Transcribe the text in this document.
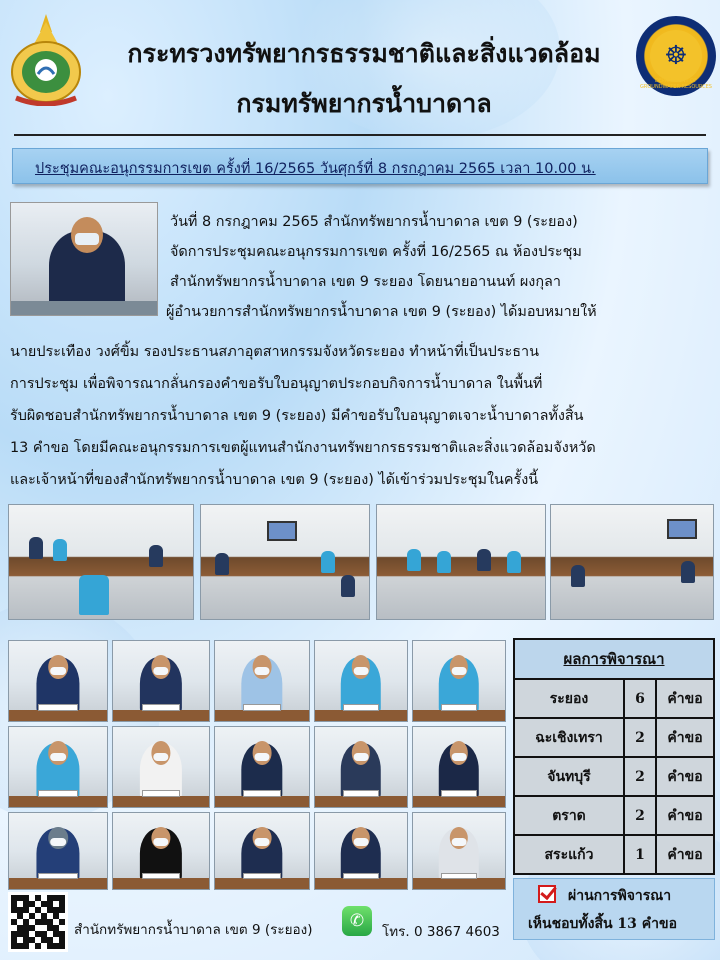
กระทรวงทรัพยากรธรรมชาติและสิ่งแวดล้อม
กรมทรัพยากรน้ำบาดาล
☸
DEPARTMENT OF GROUNDWATER RESOURCES
ประชุมคณะอนุกรรมการเขต ครั้งที่ 16/2565 วันศุกร์ที่ 8 กรกฎาคม 2565 เวลา 10.00 น.
วันที่ 8 กรกฎาคม 2565 สำนักทรัพยากรน้ำบาดาล เขต 9 (ระยอง)
จัดการประชุมคณะอนุกรรมการเขต ครั้งที่ 16/2565 ณ ห้องประชุม
สำนักทรัพยากรน้ำบาดาล เขต 9 ระยอง โดยนายอานนท์ ผงกุลา
ผู้อำนวยการสำนักทรัพยากรน้ำบาดาล เขต 9 (ระยอง) ได้มอบหมายให้
นายประเทือง วงศ์ขิ้ม รองประธานสภาอุตสาหกรรมจังหวัดระยอง ทำหน้าที่เป็นประธาน
การประชุม เพื่อพิจารณากลั่นกรองคำขอรับใบอนุญาตประกอบกิจการน้ำบาดาล ในพื้นที่
รับผิดชอบสำนักทรัพยากรน้ำบาดาล เขต 9 (ระยอง) มีคำขอรับใบอนุญาตเจาะน้ำบาดาลทั้งสิ้น
13 คำขอ โดยมีคณะอนุกรรมการเขตผู้แทนสำนักงานทรัพยากรธรรมชาติและสิ่งแวดล้อมจังหวัด
และเจ้าหน้าที่ของสำนักทรัพยากรน้ำบาดาล เขต 9 (ระยอง) ได้เข้าร่วมประชุมในครั้งนี้
ผลการพิจารณา		
ระยอง	6	คำขอ
ฉะเชิงเทรา	2	คำขอ
จันทบุรี	2	คำขอ
ตราด	2	คำขอ
สระแก้ว	1	คำขอ
ผ่านการพิจารณา
เห็นชอบทั้งสิ้น 13 คำขอ
สำนักทรัพยากรน้ำบาดาล เขต 9 (ระยอง)	✆
โทร. 0 3867 4603
